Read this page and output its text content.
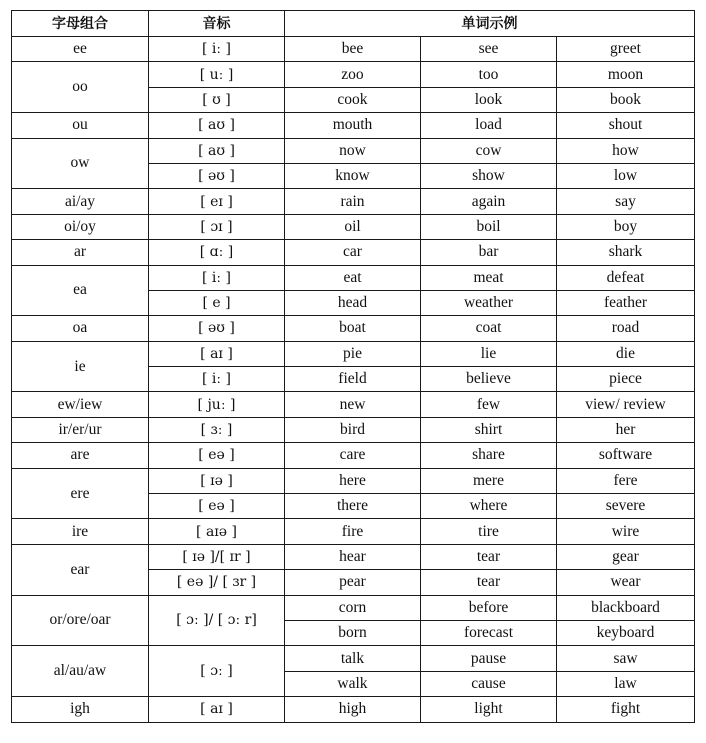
字母组合	音标	单词示例		
ee	[ iː ]	bee	see	greet
oo	[ uː ]	zoo	too	moon
	[ ʊ ]	cook	look	book
ou	[ aʊ ]	mouth	load	shout
ow	[ aʊ ]	now	cow	how
	[ əʊ ]	know	show	low
ai/ay	[ eɪ ]	rain	again	say
oi/oy	[ ɔɪ ]	oil	boil	boy
ar	[ ɑː ]	car	bar	shark
ea	[ iː ]	eat	meat	defeat
	[ e ]	head	weather	feather
oa	[ əʊ ]	boat	coat	road
ie	[ aɪ ]	pie	lie	die
	[ iː ]	field	believe	piece
ew/iew	[ juː ]	new	few	view/ review
ir/er/ur	[ ɜː ]	bird	shirt	her
are	[ eə ]	care	share	software
ere	[ ɪə ]	here	mere	fere
	[ eə ]	there	where	severe
ire	[ aɪə ]	fire	tire	wire
ear	[ ɪə ]/[ ɪr ]	hear	tear	gear
	[ eə ]/ [ ɜr ]	pear	tear	wear
or/ore/oar	[ ɔː ]/ [ ɔː r]	corn	before	blackboard
		born	forecast	keyboard
al/au/aw	[ ɔː ]	talk	pause	saw
		walk	cause	law
igh	[ aɪ ]	high	light	fight
